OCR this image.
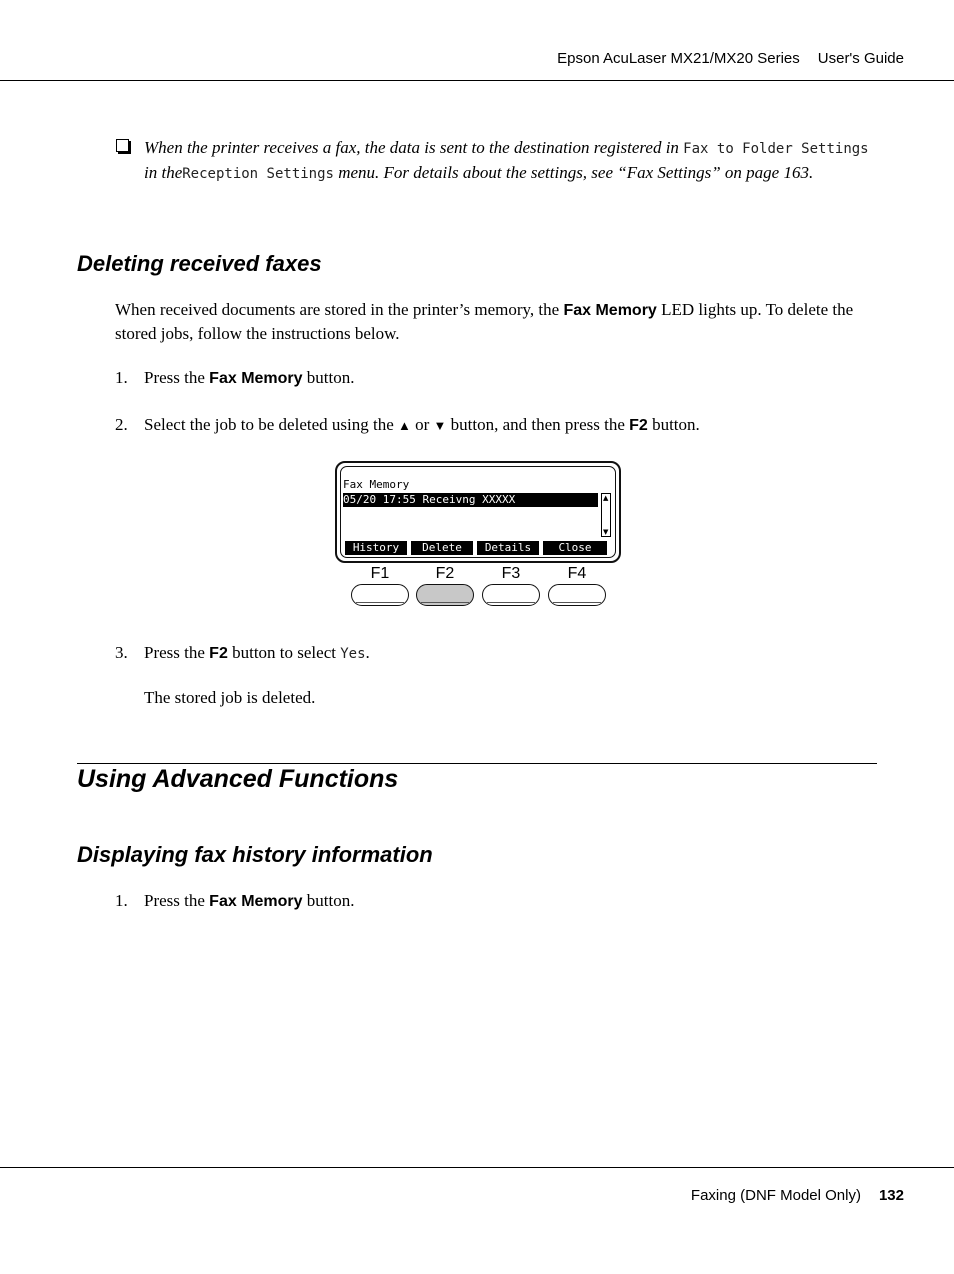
Epson AcuLaser MX21/MX20 Series User's Guide
When the printer receives a fax, the data is sent to the destination registered in Fax to Folder Settings in theReception Settings menu. For details about the settings, see “Fax Settings” on page 163.
Deleting received faxes
When received documents are stored in the printer’s memory, the Fax Memory LED lights up. To delete the stored jobs, follow the instructions below.
1. Press the Fax Memory button.
2. Select the job to be deleted using the ▲ or ▼ button, and then press the F2 button.
Fax Memory
05/20 17:55 Receivng XXXXX	▲
▼
History	Delete	Details	Close
F1	F2	F3	F4
3. Press the F2 button to select Yes.
The stored job is deleted.
Using Advanced Functions
Displaying fax history information
1. Press the Fax Memory button.
Faxing (DNF Model Only) 132
